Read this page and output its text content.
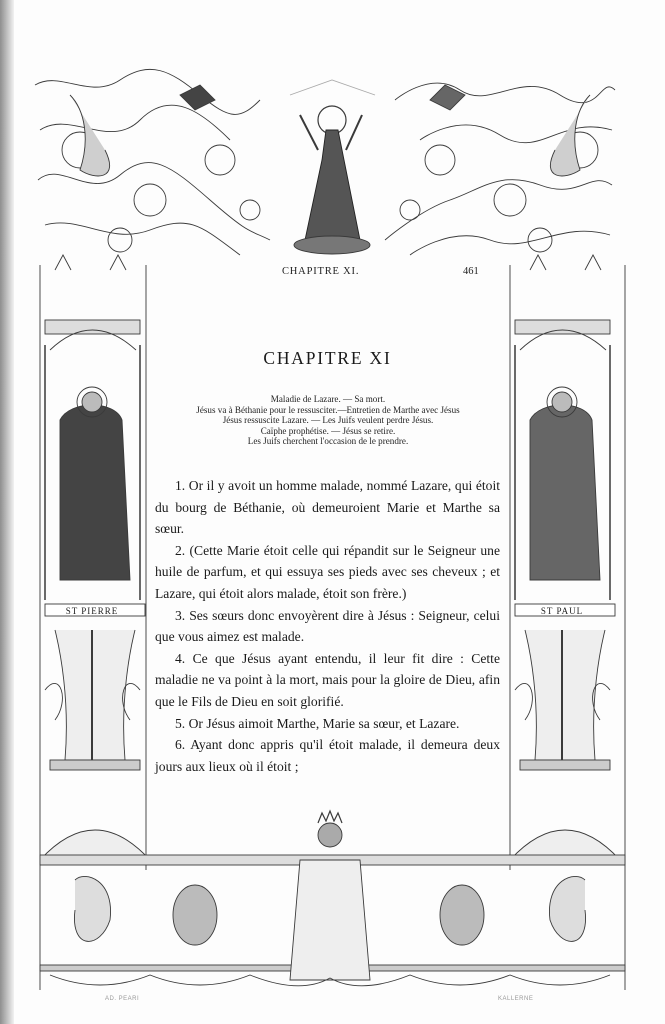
ST PIERRE	ST PAUL
CHAPITRE XI.	461
CHAPITRE XI
Maladie de Lazare. — Sa mort.
Jésus va à Béthanie pour le ressusciter.—Entretien de Marthe avec Jésus
Jésus ressuscite Lazare. — Les Juifs veulent perdre Jésus.
Caïphe prophétise. — Jésus se retire.
Les Juifs cherchent l'occasion de le prendre.

1. Or il y avoit un homme malade, nommé Lazare, qui étoit du bourg de Béthanie, où demeuroient Marie et Marthe sa sœur.

2. (Cette Marie étoit celle qui répandit sur le Seigneur une huile de parfum, et qui essuya ses pieds avec ses cheveux ; et Lazare, qui étoit alors malade, étoit son frère.)

3. Ses sœurs donc envoyèrent dire à Jésus : Seigneur, celui que vous aimez est malade.

4. Ce que Jésus ayant entendu, il leur fit dire : Cette maladie ne va point à la mort, mais pour la gloire de Dieu, afin que le Fils de Dieu en soit glorifié.

5. Or Jésus aimoit Marthe, Marie sa sœur, et Lazare.

6. Ayant donc appris qu'il étoit malade, il demeura deux jours aux lieux où il étoit ;

AD. PEARI	KALLERNE
